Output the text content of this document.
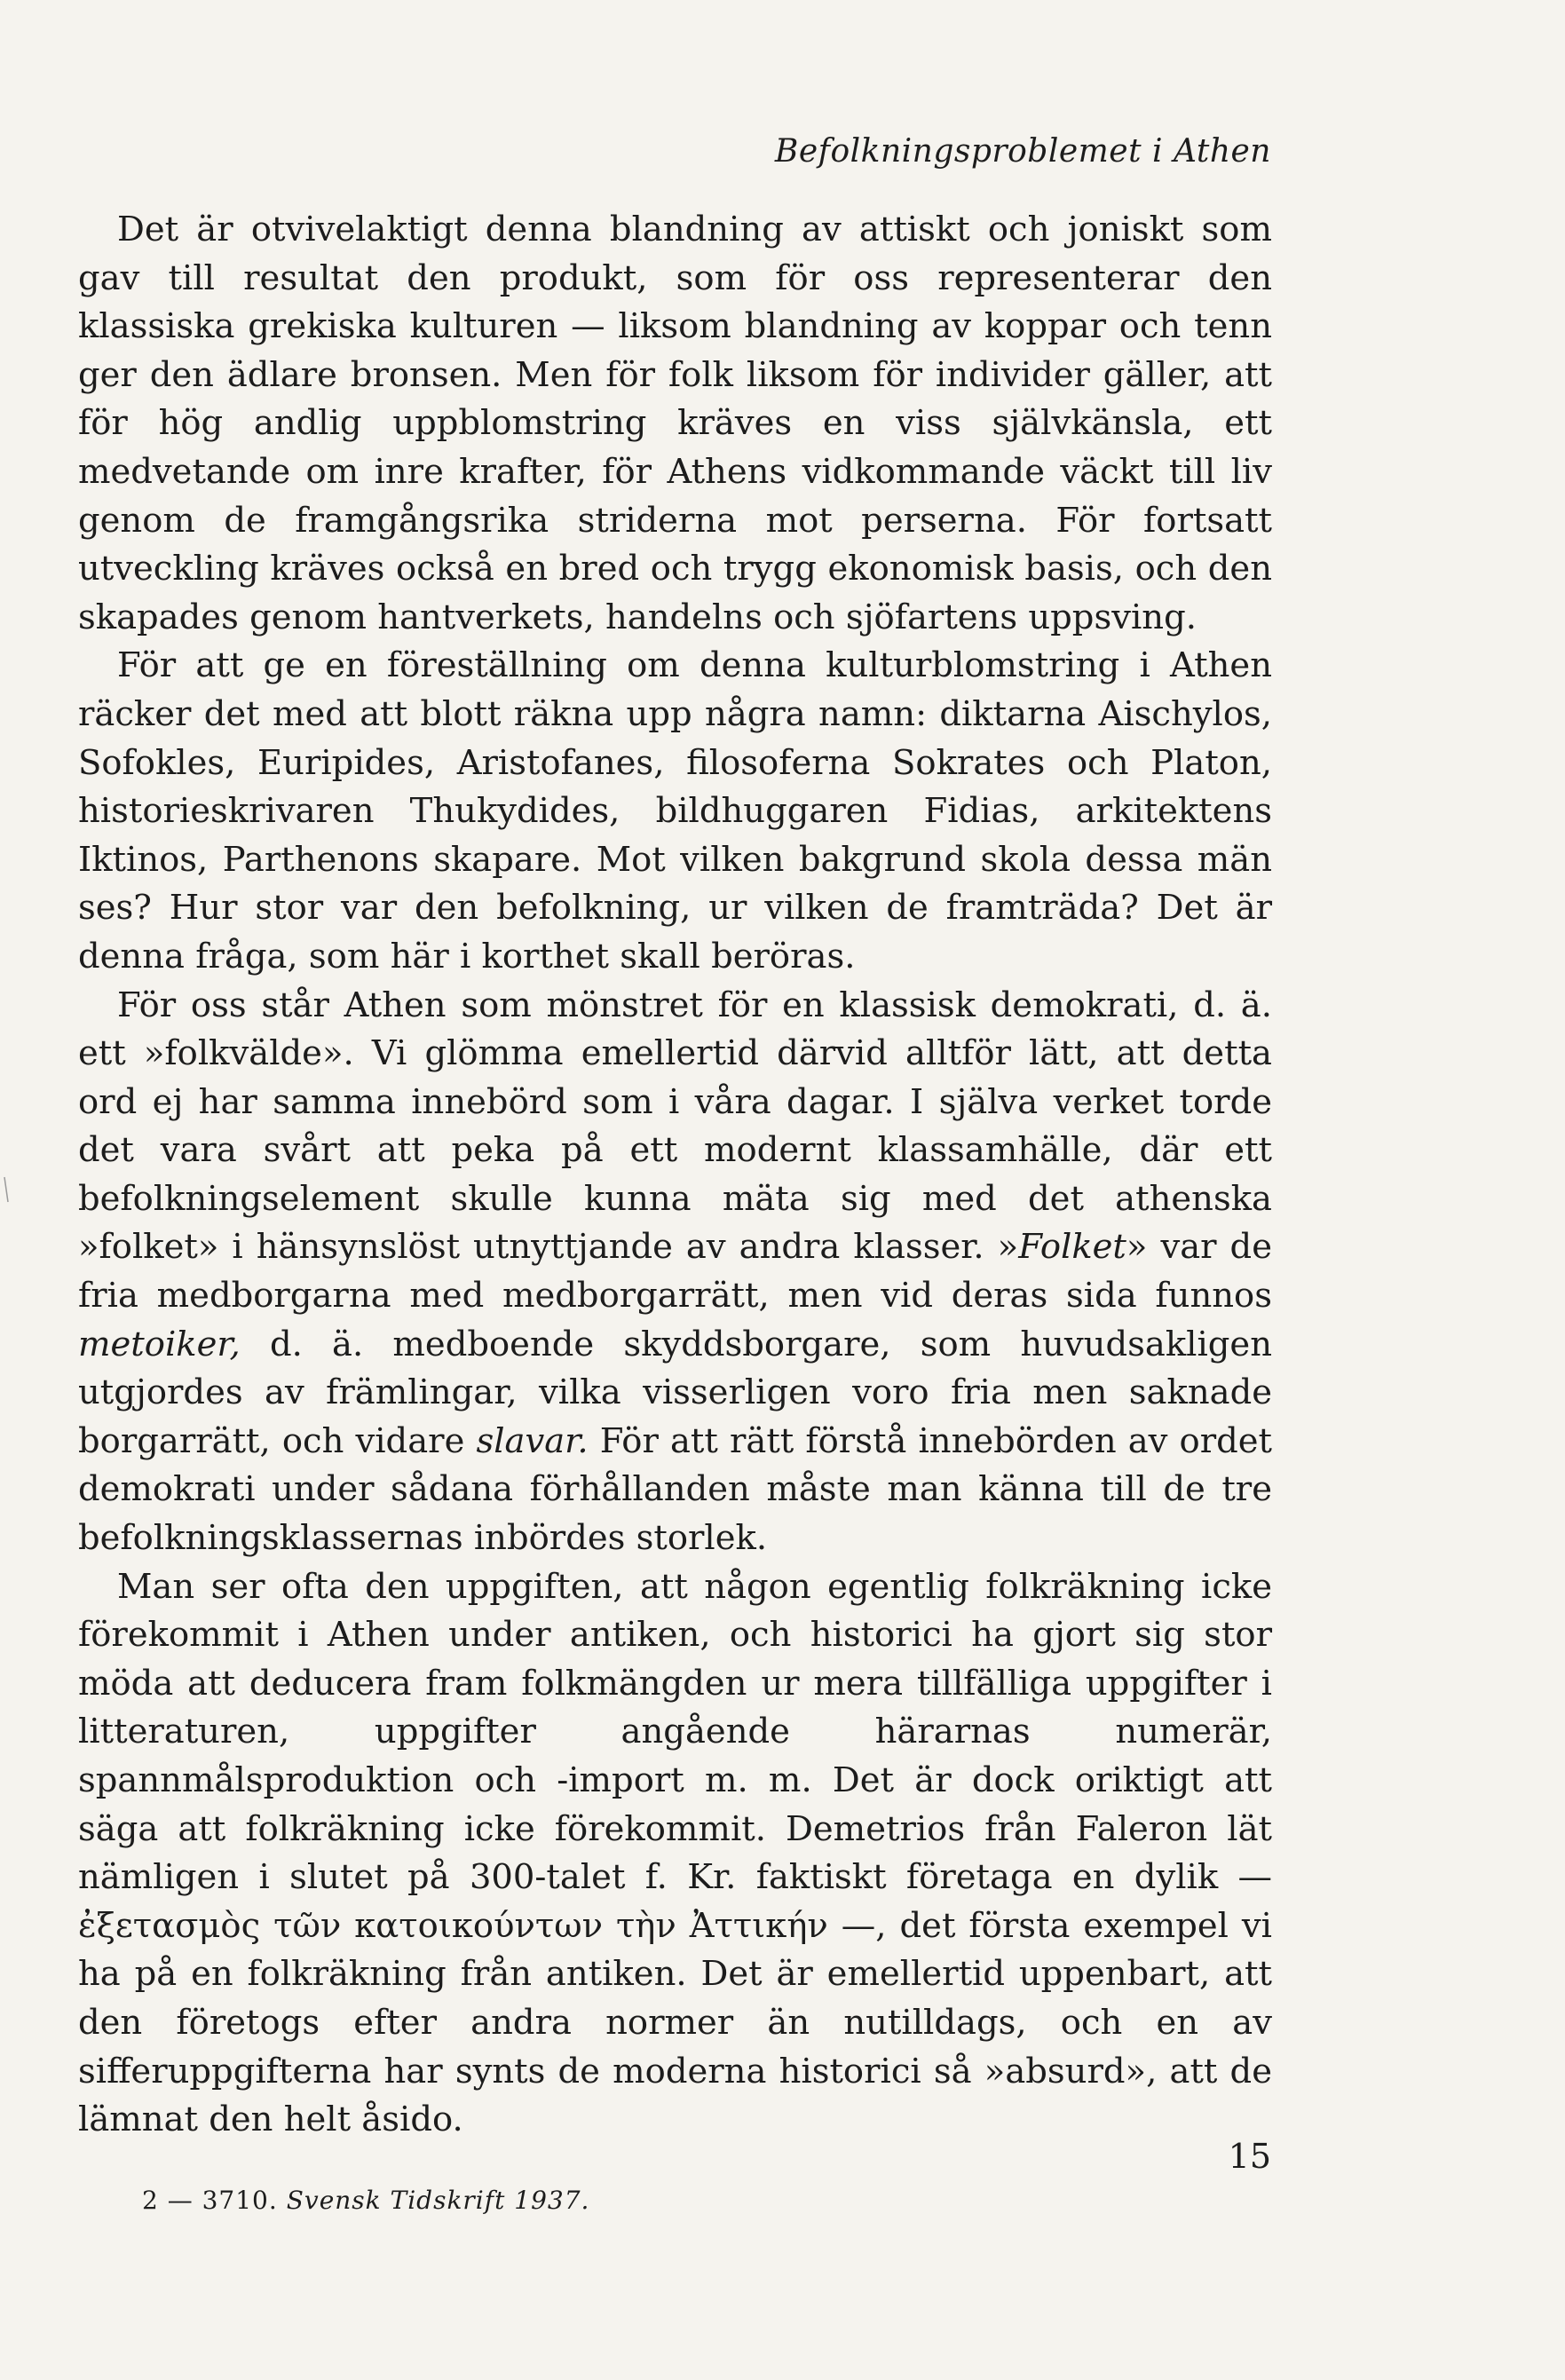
Befolkningsproblemet i Athen

Det är otvivelaktigt denna blandning av attiskt och joniskt som gav till resultat den produkt, som för oss representerar den klassiska grekiska kulturen — liksom blandning av koppar och tenn ger den ädlare bronsen. Men för folk liksom för individer gäller, att för hög andlig uppblomstring kräves en viss självkänsla, ett medvetande om inre krafter, för Athens vidkommande väckt till liv genom de framgångsrika striderna mot perserna. För fortsatt utveckling kräves också en bred och trygg ekonomisk basis, och den skapades genom hantverkets, handelns och sjöfartens uppsving.

För att ge en föreställning om denna kulturblomstring i Athen räcker det med att blott räkna upp några namn: diktarna Aischylos, Sofokles, Euripides, Aristofanes, filosoferna Sokrates och Platon, historieskrivaren Thukydides, bildhuggaren Fidias, arkitektens Iktinos, Parthenons skapare. Mot vilken bakgrund skola dessa män ses? Hur stor var den befolkning, ur vilken de framträda? Det är denna fråga, som här i korthet skall beröras.

För oss står Athen som mönstret för en klassisk demokrati, d. ä. ett »folkvälde». Vi glömma emellertid därvid alltför lätt, att detta ord ej har samma innebörd som i våra dagar. I själva verket torde det vara svårt att peka på ett modernt klassamhälle, där ett befolkningselement skulle kunna mäta sig med det athenska »folket» i hänsynslöst utnyttjande av andra klasser. »Folket» var de fria medborgarna med medborgarrätt, men vid deras sida funnos metoiker, d. ä. medboende skyddsborgare, som huvudsakligen utgjordes av främlingar, vilka visserligen voro fria men saknade borgarrätt, och vidare slavar. För att rätt förstå innebörden av ordet demokrati under sådana förhållanden måste man känna till de tre befolkningsklassernas inbördes storlek.

Man ser ofta den uppgiften, att någon egentlig folkräkning icke förekommit i Athen under antiken, och historici ha gjort sig stor möda att deducera fram folkmängden ur mera tillfälliga uppgifter i litteraturen, uppgifter angående härarnas numerär, spannmålsproduktion och -import m. m. Det är dock oriktigt att säga att folkräkning icke förekommit. Demetrios från Faleron lät nämligen i slutet på 300-talet f. Kr. faktiskt företaga en dylik — ἐξετασμὸς τῶν κατοικούντων τὴν Ἀττικήν —, det första exempel vi ha på en folkräkning från antiken. Det är emellertid uppenbart, att den företogs efter andra normer än nutilldags, och en av sifferuppgifterna har synts de moderna historici så »absurd», att de lämnat den helt åsido.

15
2 — 3710. Svensk Tidskrift 1937.
